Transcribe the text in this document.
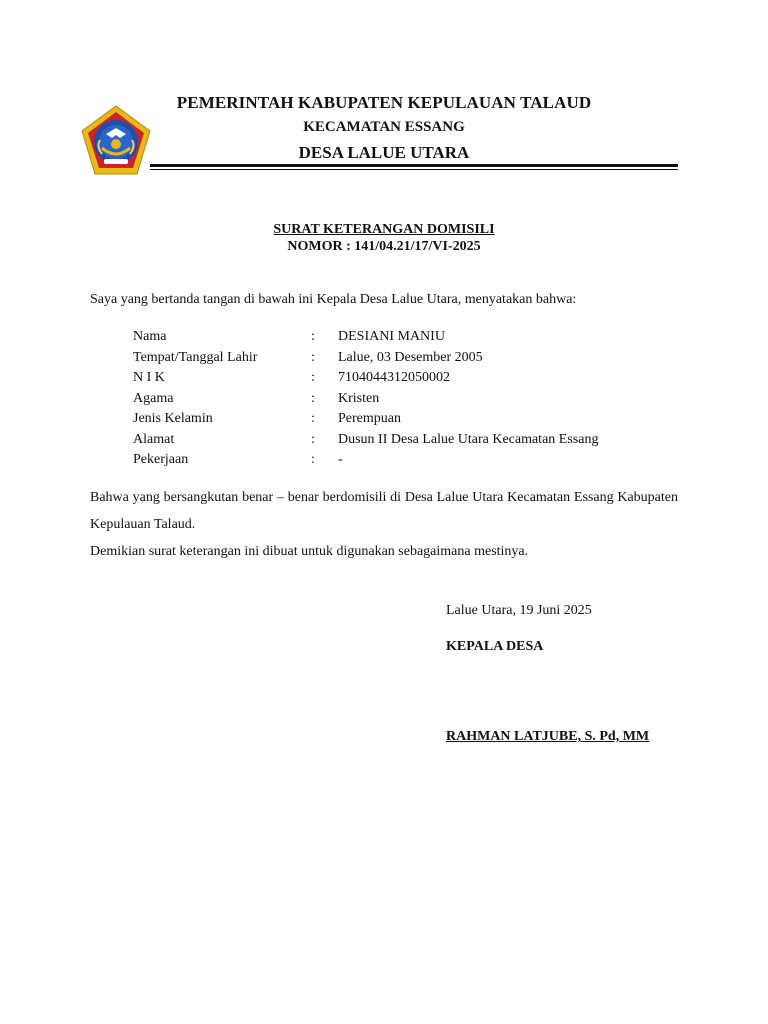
PEMERINTAH KABUPATEN KEPULAUAN TALAUD
KECAMATAN ESSANG
DESA LALUE UTARA
SURAT KETERANGAN DOMISILI
NOMOR : 141/04.21/17/VI-2025
Saya yang bertanda tangan di bawah ini Kepala Desa Lalue Utara, menyatakan bahwa:
Nama	: DESIANI MANIU
Tempat/Tanggal Lahir	: Lalue, 03 Desember 2005
N I K	: 7104044312050002
Agama	: Kristen
Jenis Kelamin	: Perempuan
Alamat	: Dusun II Desa Lalue Utara Kecamatan Essang
Pekerjaan	: -
Bahwa yang bersangkutan benar – benar berdomisili di Desa Lalue Utara Kecamatan Essang Kabupaten Kepulauan Talaud.
Demikian surat keterangan ini dibuat untuk digunakan sebagaimana mestinya.
Lalue Utara, 19 Juni 2025
KEPALA DESA
RAHMAN LATJUBE, S. Pd, MM
